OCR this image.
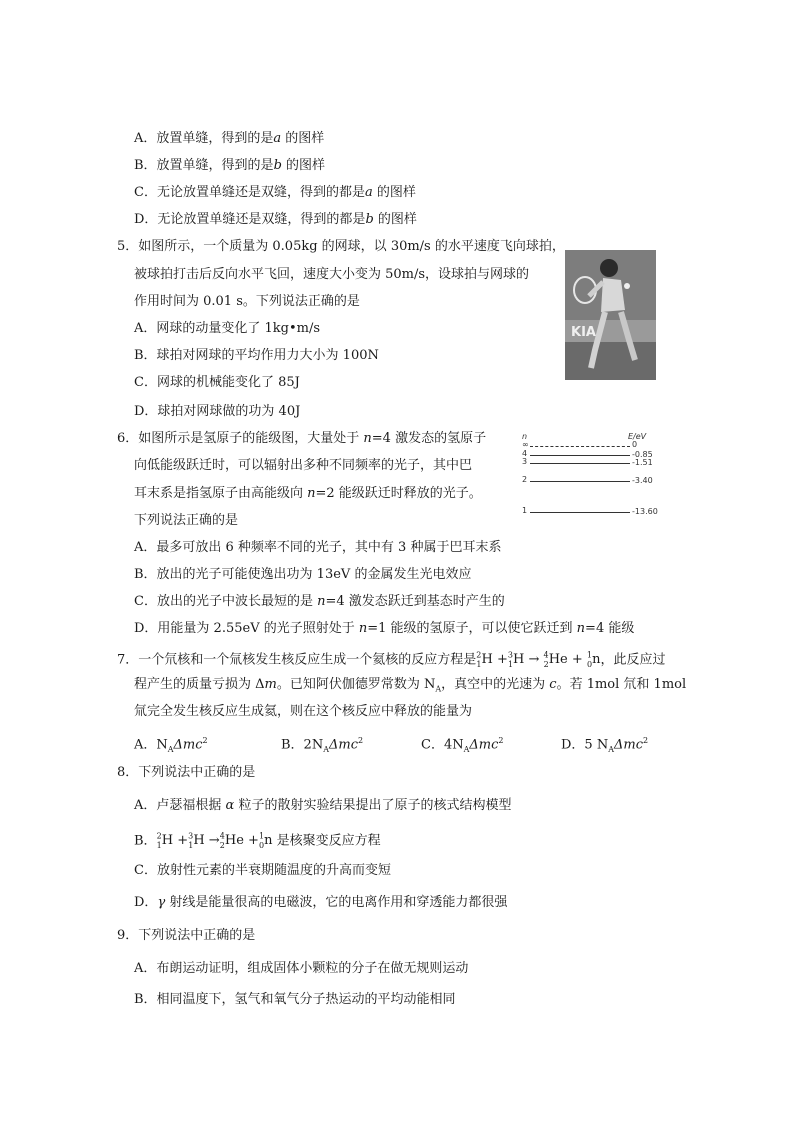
A．放置单缝，得到的是a 的图样
B．放置单缝，得到的是b 的图样
C．无论放置单缝还是双缝，得到的都是a 的图样
D．无论放置单缝还是双缝，得到的都是b 的图样
5．如图所示，一个质量为 0.05kg 的网球，以 30m/s 的水平速度飞向球拍，
被球拍打击后反向水平飞回，速度大小变为 50m/s，设球拍与网球的
作用时间为 0.01 s。下列说法正确的是
A．网球的动量变化了 1kg•m/s
B．球拍对网球的平均作用力大小为 100N
C．网球的机械能变化了 85J
D．球拍对网球做的功为 40J
KIA
6．如图所示是氢原子的能级图，大量处于 n=4 激发态的氢原子
向低能级跃迁时，可以辐射出多种不同频率的光子，其中巴
耳末系是指氢原子由高能级向 n=2 能级跃迁时释放的光子。
下列说法正确的是
A．最多可放出 6 种频率不同的光子，其中有 3 种属于巴耳末系
B．放出的光子可能使逸出功为 13eV 的金属发生光电效应
C．放出的光子中波长最短的是 n=4 激发态跃迁到基态时产生的
D．用能量为 2.55eV 的光子照射处于 n=1 能级的氢原子，可以使它跃迁到 n=4 能级
n	E/eV
∞	0
4	-0.85
3	-1.51
2	-3.40
1	-13.60
7．一个氘核和一个氚核发生核反应生成一个氦核的反应方程是$^2_1$H +$^3_1$H → $^4_2$He + $^1_0$n，此反应过
程产生的质量亏损为 Δm。已知阿伏伽德罗常数为 $N_A$，真空中的光速为 c。若 1mol 氘和 1mol
氚完全发生核反应生成氦，则在这个核反应中释放的能量为
A．$N_A\Delta mc^2$	B．$2N_A\Delta mc^2$	C．$4N_A\Delta mc^2$	D．5 $N_A\Delta mc^2$
8．下列说法中正确的是
A．卢瑟福根据 α 粒子的散射实验结果提出了原子的核式结构模型
B．$^2_1$H +$^3_1$H →$^4_2$He +$^1_0$n 是核聚变反应方程
C．放射性元素的半衰期随温度的升高而变短
D．γ 射线是能量很高的电磁波，它的电离作用和穿透能力都很强
9．下列说法中正确的是
A．布朗运动证明，组成固体小颗粒的分子在做无规则运动
B．相同温度下，氢气和氧气分子热运动的平均动能相同
